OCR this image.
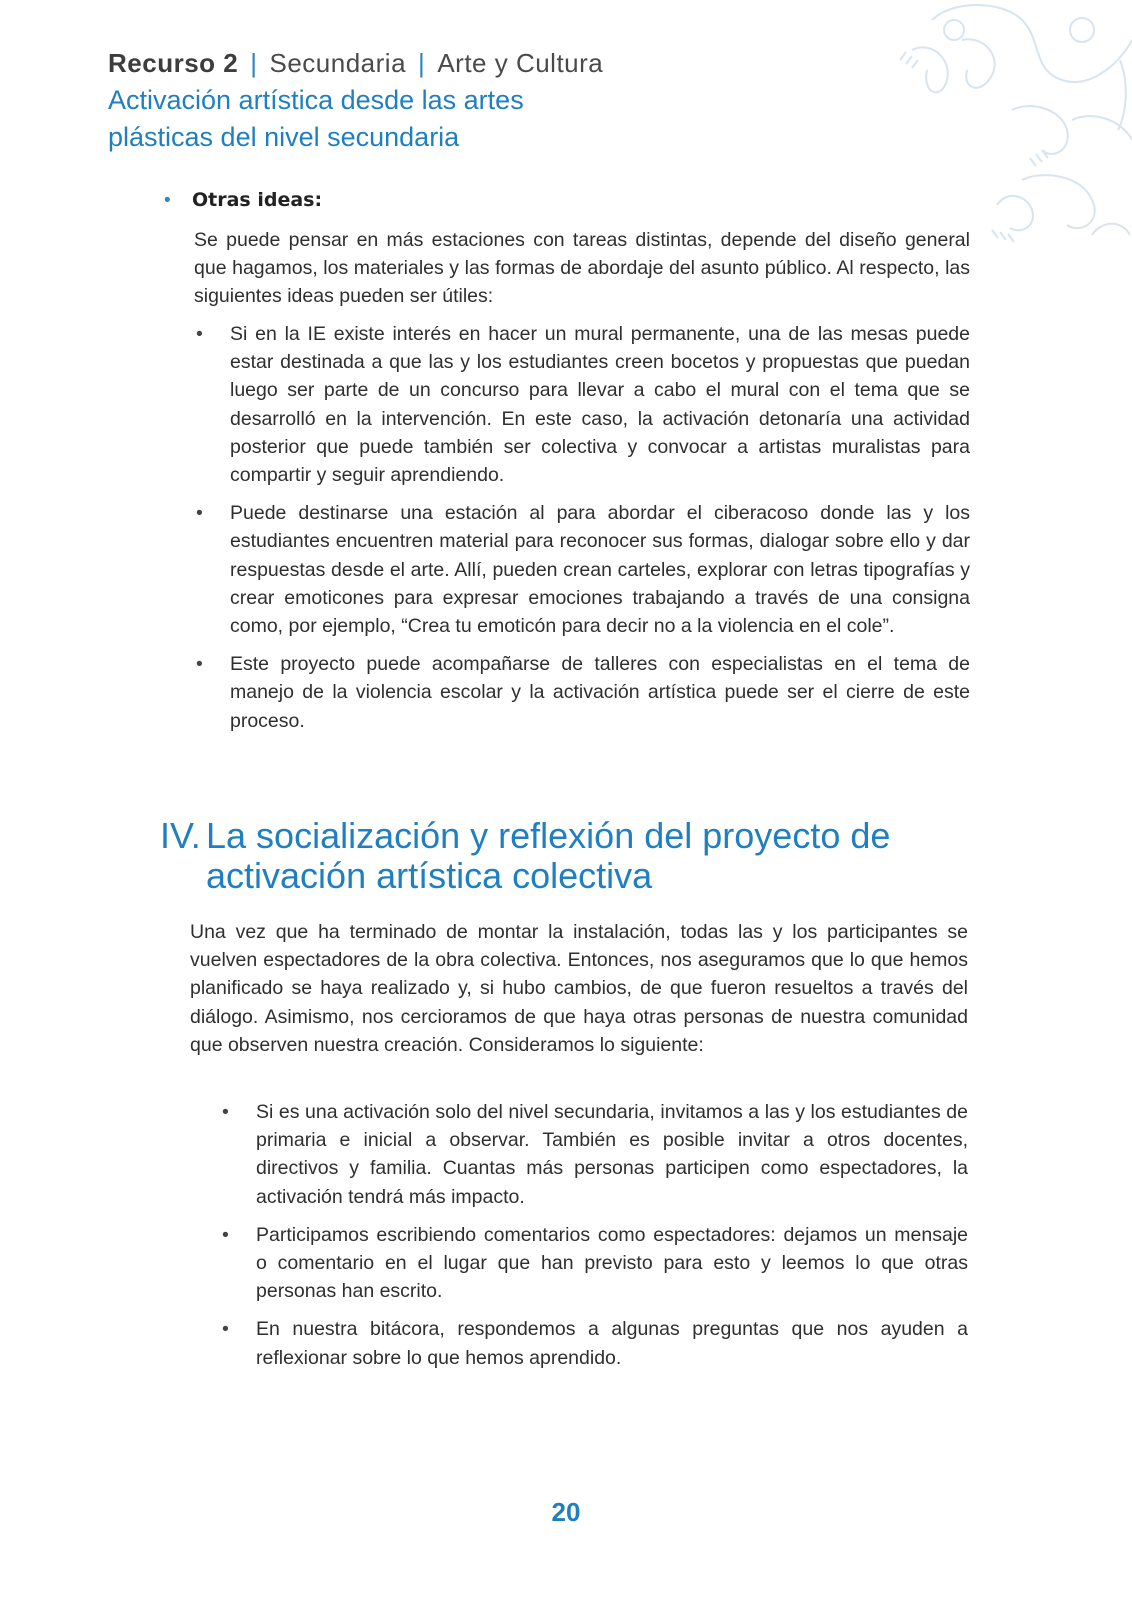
Recurso 2 | Secundaria | Arte y Cultura
Activación artística desde las artes
plásticas del nivel secundaria
• Otras ideas:

Se puede pensar en más estaciones con tareas distintas, depende del diseño general que hagamos, los materiales y las formas de abordaje del asunto público. Al respecto, las siguientes ideas pueden ser útiles:

• Si en la IE existe interés en hacer un mural permanente, una de las mesas puede estar destinada a que las y los estudiantes creen bocetos y propuestas que puedan luego ser parte de un concurso para llevar a cabo el mural con el tema que se desarrolló en la intervención. En este caso, la activación detonaría una actividad posterior que puede también ser colectiva y convocar a artistas muralistas para compartir y seguir aprendiendo.
• Puede destinarse una estación al para abordar el ciberacoso donde las y los estudiantes encuentren material para reconocer sus formas, dialogar sobre ello y dar respuestas desde el arte. Allí, pueden crean carteles, explorar con letras tipografías y crear emoticones para expresar emociones trabajando a través de una consigna como, por ejemplo, “Crea tu emoticón para decir no a la violencia en el cole”.
• Este proyecto puede acompañarse de talleres con especialistas en el tema de manejo de la violencia escolar y la activación artística puede ser el cierre de este proceso.
IV. La socialización y reflexión del proyecto de
activación artística colectiva

Una vez que ha terminado de montar la instalación, todas las y los participantes se vuelven espectadores de la obra colectiva. Entonces, nos aseguramos que lo que hemos planificado se haya realizado y, si hubo cambios, de que fueron resueltos a través del diálogo. Asimismo, nos cercioramos de que haya otras personas de nuestra comunidad que observen nuestra creación. Consideramos lo siguiente:

• Si es una activación solo del nivel secundaria, invitamos a las y los estudiantes de primaria e inicial a observar. También es posible invitar a otros docentes, directivos y familia. Cuantas más personas participen como espectadores, la activación tendrá más impacto.
• Participamos escribiendo comentarios como espectadores: dejamos un mensaje o comentario en el lugar que han previsto para esto y leemos lo que otras personas han escrito.
• En nuestra bitácora, respondemos a algunas preguntas que nos ayuden a reflexionar sobre lo que hemos aprendido.
20
